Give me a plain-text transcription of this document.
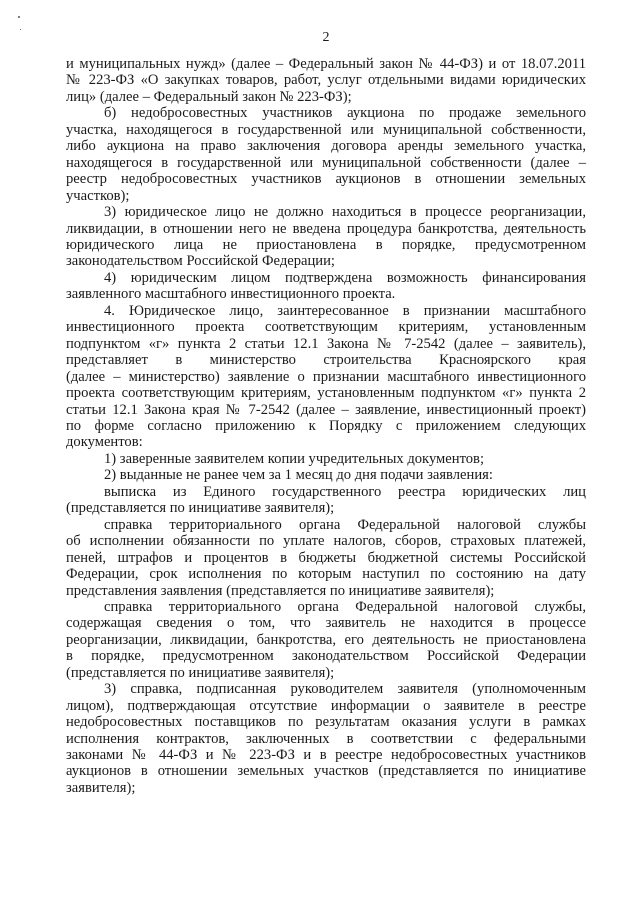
2
и муниципальных нужд» (далее – Федеральный закон № 44-ФЗ) и от 18.07.2011
№ 223-ФЗ «О закупках товаров, работ, услуг отдельными видами юридических
лиц» (далее – Федеральный закон № 223-ФЗ);
б) недобросовестных участников аукциона по продаже земельного
участка, находящегося в государственной или муниципальной собственности,
либо аукциона на право заключения договора аренды земельного участка,
находящегося в государственной или муниципальной собственности (далее –
реестр недобросовестных участников аукционов в отношении земельных
участков);
3) юридическое лицо не должно находиться в процессе реорганизации,
ликвидации, в отношении него не введена процедура банкротства, деятельность
юридического лица не приостановлена в порядке, предусмотренном
законодательством Российской Федерации;
4) юридическим лицом подтверждена возможность финансирования
заявленного масштабного инвестиционного проекта.
4. Юридическое лицо, заинтересованное в признании масштабного
инвестиционного проекта соответствующим критериям, установленным
подпунктом «г» пункта 2 статьи 12.1 Закона № 7-2542 (далее – заявитель),
представляет в министерство строительства Красноярского края
(далее – министерство) заявление о признании масштабного инвестиционного
проекта соответствующим критериям, установленным подпунктом «г» пункта 2
статьи 12.1 Закона края № 7-2542 (далее – заявление, инвестиционный проект)
по форме согласно приложению к Порядку с приложением следующих
документов:
1) заверенные заявителем копии учредительных документов;
2) выданные не ранее чем за 1 месяц до дня подачи заявления:
выписка из Единого государственного реестра юридических лиц
(представляется по инициативе заявителя);
справка территориального органа Федеральной налоговой службы
об исполнении обязанности по уплате налогов, сборов, страховых платежей,
пеней, штрафов и процентов в бюджеты бюджетной системы Российской
Федерации, срок исполнения по которым наступил по состоянию на дату
представления заявления (представляется по инициативе заявителя);
справка территориального органа Федеральной налоговой службы,
содержащая сведения о том, что заявитель не находится в процессе
реорганизации, ликвидации, банкротства, его деятельность не приостановлена
в порядке, предусмотренном законодательством Российской Федерации
(представляется по инициативе заявителя);
3) справка, подписанная руководителем заявителя (уполномоченным
лицом), подтверждающая отсутствие информации о заявителе в реестре
недобросовестных поставщиков по результатам оказания услуги в рамках
исполнения контрактов, заключенных в соответствии с федеральными
законами № 44-ФЗ и № 223-ФЗ и в реестре недобросовестных участников
аукционов в отношении земельных участков (представляется по инициативе
заявителя);
